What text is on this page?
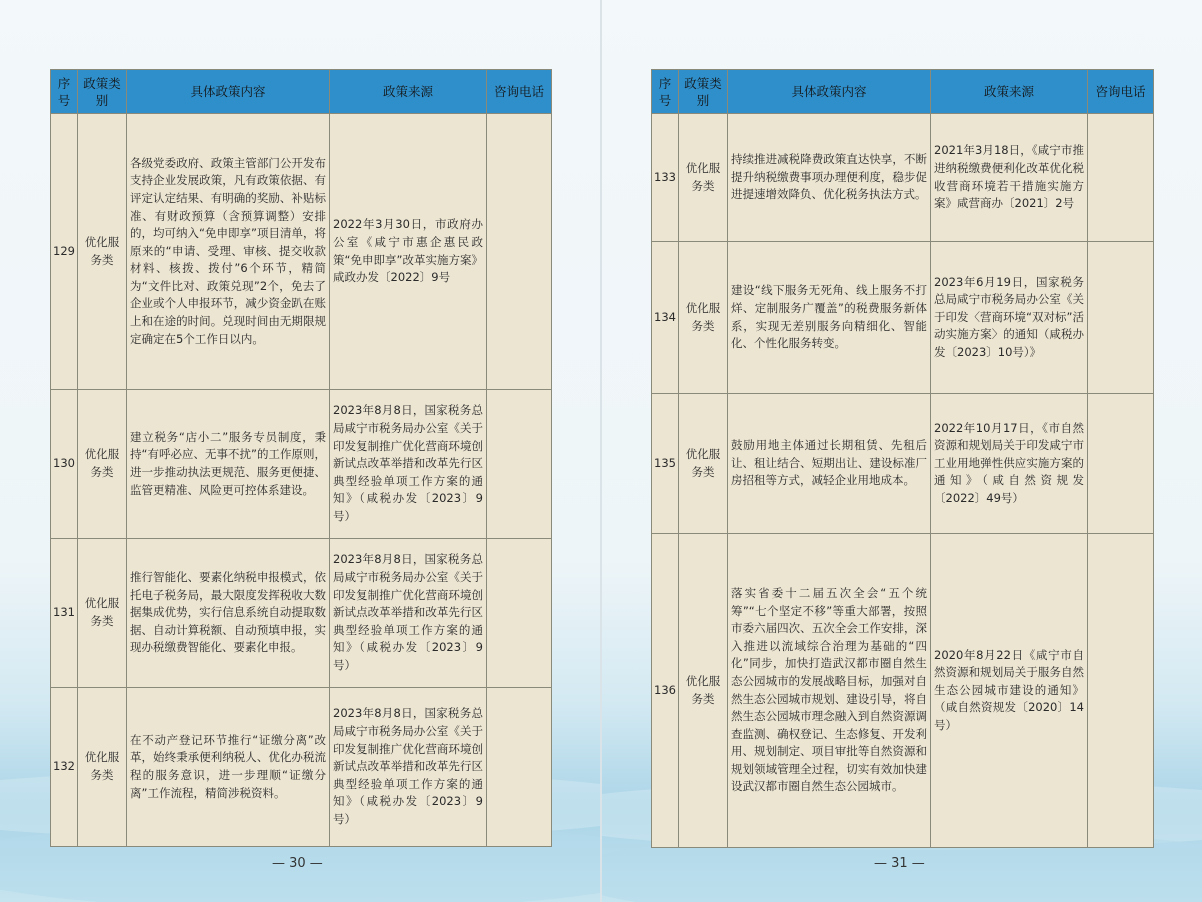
序号	政策类别	具体政策内容	政策来源	咨询电话
129	优化服务类	各级党委政府、政策主管部门公开发布支持企业发展政策，凡有政策依据、有评定认定结果、有明确的奖励、补贴标准、有财政预算（含预算调整）安排的，均可纳入“免申即享”项目清单，将原来的“申请、受理、审核、提交收款材料、核拨、拨付”6个环节，精简为“文件比对、政策兑现”2个，免去了企业或个人申报环节，减少资金趴在账上和在途的时间。兑现时间由无期限规定确定在5个工作日以内。	2022年3月30日，市政府办公室《咸宁市惠企惠民政策“免申即享”改革实施方案》咸政办发〔2022〕9号	
130	优化服务类	建立税务“店小二”服务专员制度，秉持“有呼必应、无事不扰”的工作原则，进一步推动执法更规范、服务更便捷、监管更精准、风险更可控体系建设。	2023年8月8日，国家税务总局咸宁市税务局办公室《关于印发复制推广优化营商环境创新试点改革举措和改革先行区典型经验单项工作方案的通知》（咸税办发〔2023〕9号）	
131	优化服务类	推行智能化、要素化纳税申报模式，依托电子税务局，最大限度发挥税收大数据集成优势，实行信息系统自动提取数据、自动计算税额、自动预填申报，实现办税缴费智能化、要素化申报。	2023年8月8日，国家税务总局咸宁市税务局办公室《关于印发复制推广优化营商环境创新试点改革举措和改革先行区典型经验单项工作方案的通知》（咸税办发〔2023〕9号）	
132	优化服务类	在不动产登记环节推行“证缴分离”改革，始终秉承便利纳税人、优化办税流程的服务意识，进一步理顺“证缴分离”工作流程，精简涉税资料。	2023年8月8日，国家税务总局咸宁市税务局办公室《关于印发复制推广优化营商环境创新试点改革举措和改革先行区典型经验单项工作方案的通知》（咸税办发〔2023〕9号）	
— 30 —
序号	政策类别	具体政策内容	政策来源	咨询电话
133	优化服务类	持续推进减税降费政策直达快享，不断提升纳税缴费事项办理便利度，稳步促进提速增效降负、优化税务执法方式。	2021年3月18日，《咸宁市推进纳税缴费便利化改革优化税收营商环境若干措施实施方案》咸营商办〔2021〕2号	
134	优化服务类	建设“线下服务无死角、线上服务不打烊、定制服务广覆盖”的税费服务新体系，实现无差别服务向精细化、智能化、个性化服务转变。	2023年6月19日，国家税务总局咸宁市税务局办公室《关于印发〈营商环境“双对标”活动实施方案〉的通知（咸税办发〔2023〕10号）》	
135	优化服务类	鼓励用地主体通过长期租赁、先租后让、租让结合、短期出让、建设标准厂房招租等方式，减轻企业用地成本。	2022年10月17日，《市自然资源和规划局关于印发咸宁市工业用地弹性供应实施方案的通知》（咸自然资规发〔2022〕49号）	
136	优化服务类	落实省委十二届五次全会“五个统筹”“七个坚定不移”等重大部署，按照市委六届四次、五次全会工作安排，深入推进以流域综合治理为基础的“四化”同步，加快打造武汉都市圈自然生态公园城市的发展战略目标，加强对自然生态公园城市规划、建设引导，将自然生态公园城市理念融入到自然资源调查监测、确权登记、生态修复、开发利用、规划制定、项目审批等自然资源和规划领域管理全过程，切实有效加快建设武汉都市圈自然生态公园城市。	2020年8月22日《咸宁市自然资源和规划局关于服务自然生态公园城市建设的通知》（咸自然资规发〔2020〕14号）	
— 31 —
